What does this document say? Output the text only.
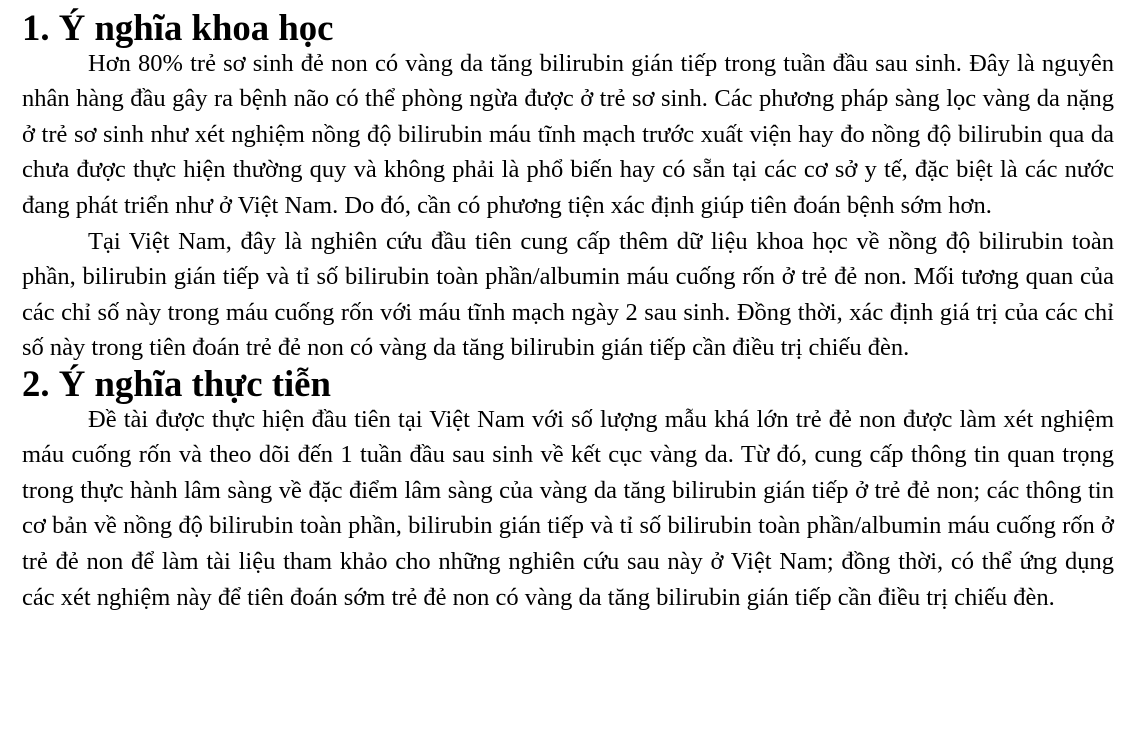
1. Ý nghĩa khoa học

Hơn 80% trẻ sơ sinh đẻ non có vàng da tăng bilirubin gián tiếp trong tuần đầu sau sinh. Đây là nguyên nhân hàng đầu gây ra bệnh não có thể phòng ngừa được ở trẻ sơ sinh. Các phương pháp sàng lọc vàng da nặng ở trẻ sơ sinh như xét nghiệm nồng độ bilirubin máu tĩnh mạch trước xuất viện hay đo nồng độ bilirubin qua da chưa được thực hiện thường quy và không phải là phổ biến hay có sẵn tại các cơ sở y tế, đặc biệt là các nước đang phát triển như ở Việt Nam. Do đó, cần có phương tiện xác định giúp tiên đoán bệnh sớm hơn.

Tại Việt Nam, đây là nghiên cứu đầu tiên cung cấp thêm dữ liệu khoa học về nồng độ bilirubin toàn phần, bilirubin gián tiếp và tỉ số bilirubin toàn phần/albumin máu cuống rốn ở trẻ đẻ non. Mối tương quan của các chỉ số này trong máu cuống rốn với máu tĩnh mạch ngày 2 sau sinh. Đồng thời, xác định giá trị của các chỉ số này trong tiên đoán trẻ đẻ non có vàng da tăng bilirubin gián tiếp cần điều trị chiếu đèn.

2. Ý nghĩa thực tiễn

Đề tài được thực hiện đầu tiên tại Việt Nam với số lượng mẫu khá lớn trẻ đẻ non được làm xét nghiệm máu cuống rốn và theo dõi đến 1 tuần đầu sau sinh về kết cục vàng da. Từ đó, cung cấp thông tin quan trọng trong thực hành lâm sàng về đặc điểm lâm sàng của vàng da tăng bilirubin gián tiếp ở trẻ đẻ non; các thông tin cơ bản về nồng độ bilirubin toàn phần, bilirubin gián tiếp và tỉ số bilirubin toàn phần/albumin máu cuống rốn ở trẻ đẻ non để làm tài liệu tham khảo cho những nghiên cứu sau này ở Việt Nam; đồng thời, có thể ứng dụng các xét nghiệm này để tiên đoán sớm trẻ đẻ non có vàng da tăng bilirubin gián tiếp cần điều trị chiếu đèn.
